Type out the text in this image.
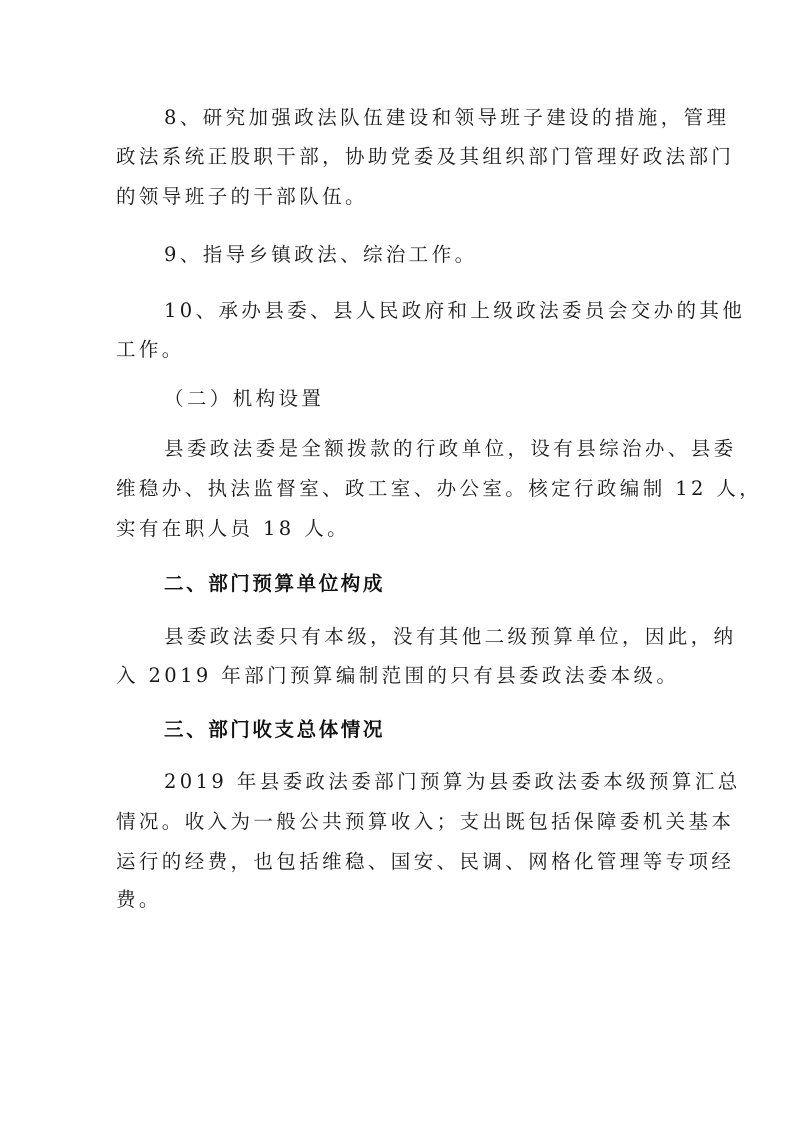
8、研究加强政法队伍建设和领导班子建设的措施，管理
政法系统正股职干部，协助党委及其组织部门管理好政法部门
的领导班子的干部队伍。
9、指导乡镇政法、综治工作。
10、承办县委、县人民政府和上级政法委员会交办的其他
工作。
（二）机构设置
县委政法委是全额拨款的行政单位，设有县综治办、县委
维稳办、执法监督室、政工室、办公室。核定行政编制 12 人，
实有在职人员 18 人。
二、部门预算单位构成
县委政法委只有本级，没有其他二级预算单位，因此，纳
入 2019 年部门预算编制范围的只有县委政法委本级。
三、部门收支总体情况
2019 年县委政法委部门预算为县委政法委本级预算汇总
情况。收入为一般公共预算收入；支出既包括保障委机关基本
运行的经费，也包括维稳、国安、民调、网格化管理等专项经
费。
